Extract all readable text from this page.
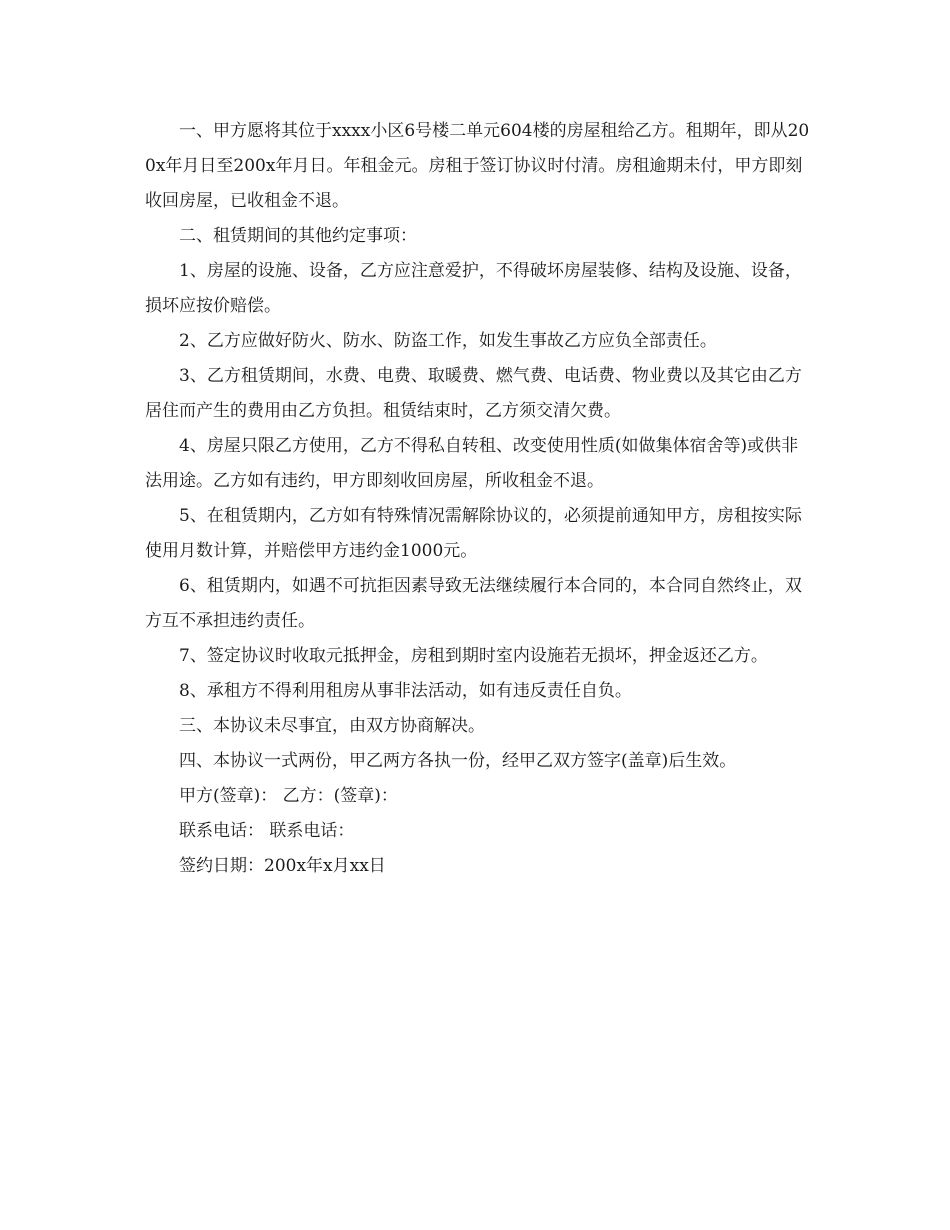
一、甲方愿将其位于xxxx小区6号楼二单元604楼的房屋租给乙方。租期年，即从200x年月日至200x年月日。年租金元。房租于签订协议时付清。房租逾期未付，甲方即刻收回房屋，已收租金不退。

二、租赁期间的其他约定事项：

1、房屋的设施、设备，乙方应注意爱护，不得破坏房屋装修、结构及设施、设备，损坏应按价赔偿。

2、乙方应做好防火、防水、防盗工作，如发生事故乙方应负全部责任。

3、乙方租赁期间，水费、电费、取暖费、燃气费、电话费、物业费以及其它由乙方居住而产生的费用由乙方负担。租赁结束时，乙方须交清欠费。

4、房屋只限乙方使用，乙方不得私自转租、改变使用性质(如做集体宿舍等)或供非法用途。乙方如有违约，甲方即刻收回房屋，所收租金不退。

5、在租赁期内，乙方如有特殊情况需解除协议的，必须提前通知甲方，房租按实际使用月数计算，并赔偿甲方违约金1000元。

6、租赁期内，如遇不可抗拒因素导致无法继续履行本合同的，本合同自然终止，双方互不承担违约责任。

7、签定协议时收取元抵押金，房租到期时室内设施若无损坏，押金返还乙方。

8、承租方不得利用租房从事非法活动，如有违反责任自负。

三、本协议未尽事宜，由双方协商解决。

四、本协议一式两份，甲乙两方各执一份，经甲乙双方签字(盖章)后生效。

甲方(签章)： 乙方：(签章)：

联系电话： 联系电话：

签约日期：200x年x月xx日
